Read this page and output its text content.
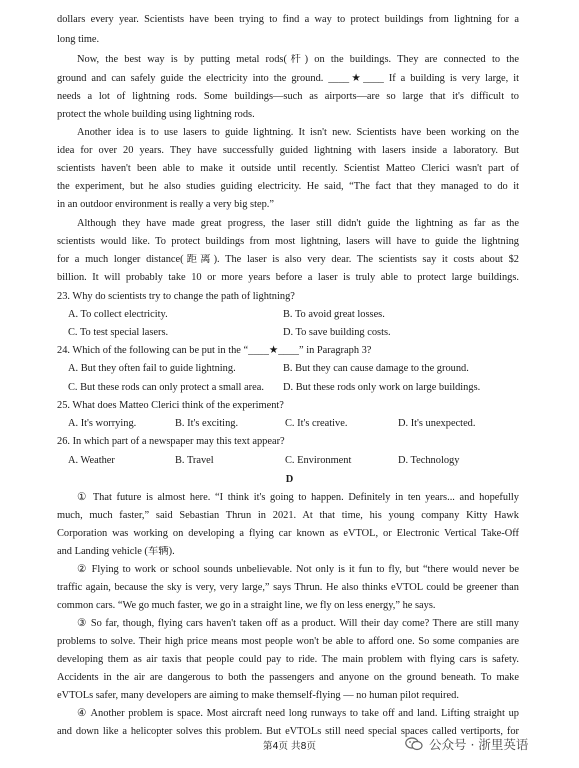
dollars every year. Scientists have been trying to find a way to protect buildings from lightning for a
long time.
Now, the best way is by putting metal rods(杆) on the buildings. They are connected to the
ground and can safely guide the electricity into the ground. ____★____ If a building is very large, it
needs a lot of lightning rods. Some buildings—such as airports—are so large that it's difficult to
protect the whole building using lightning rods.
Another idea is to use lasers to guide lightning. It isn't new. Scientists have been working on the
idea for over 20 years. They have successfully guided lightning with lasers inside a laboratory. But
scientists haven't been able to make it outside until recently. Scientist Matteo Clerici wasn't part of
the experiment, but he also studies guiding electricity. He said, “The fact that they managed to do it
in an outdoor environment is really a very big step.”
Although they have made great progress, the laser still didn't guide the lightning as far as the
scientists would like. To protect buildings from most lightning, lasers will have to guide the lightning
for a much longer distance(距离). The laser is also very dear. The scientists say it costs about $2
billion. It will probably take 10 or more years before a laser is truly able to protect large buildings.
23. Why do scientists try to change the path of lightning?
A. To collect electricity.	B. To avoid great losses.
C. To test special lasers.	D. To save building costs.
24. Which of the following can be put in the “____★____” in Paragraph 3?
A. But they often fail to guide lightning.	B. But they can cause damage to the ground.
C. But these rods can only protect a small area. D. But these rods only work on large buildings.
25. What does Matteo Clerici think of the experiment?
A. It's worrying.	B. It's exciting.	C. It's creative.	D. It's unexpected.
26. In which part of a newspaper may this text appear?
A. Weather	B. Travel	C. Environment	D. Technology
D
① That future is almost here. “I think it's going to happen. Definitely in ten years... and hopefully
much, much faster,” said Sebastian Thrun in 2021. At that time, his young company Kitty Hawk
Corporation was working on developing a flying car known as eVTOL, or Electronic Vertical Take-Off
and Landing vehicle (车辆).
② Flying to work or school sounds unbelievable. Not only is it fun to fly, but “there would never be
traffic again, because the sky is very, very large,” says Thrun. He also thinks eVTOL could be greener than
common cars. “We go much faster, we go in a straight line, we fly on less energy,” he says.
③ So far, though, flying cars haven't taken off as a product. Will their day come? There are still many
problems to solve. Their high price means most people won't be able to afford one. So some companies are
developing them as air taxis that people could pay to ride. The main problem with flying cars is safety.
Accidents in the air are dangerous to both the passengers and anyone on the ground beneath. To make
eVTOLs safer, many developers are aiming to make themself-flying — no human pilot required.
④ Another problem is space. Most aircraft need long runways to take off and land. Lifting straight up
and down like a helicopter solves this problem. But eVTOLs still need special spaces called vertiports, for
第4页 共8页	公众号 · 浙里英语
